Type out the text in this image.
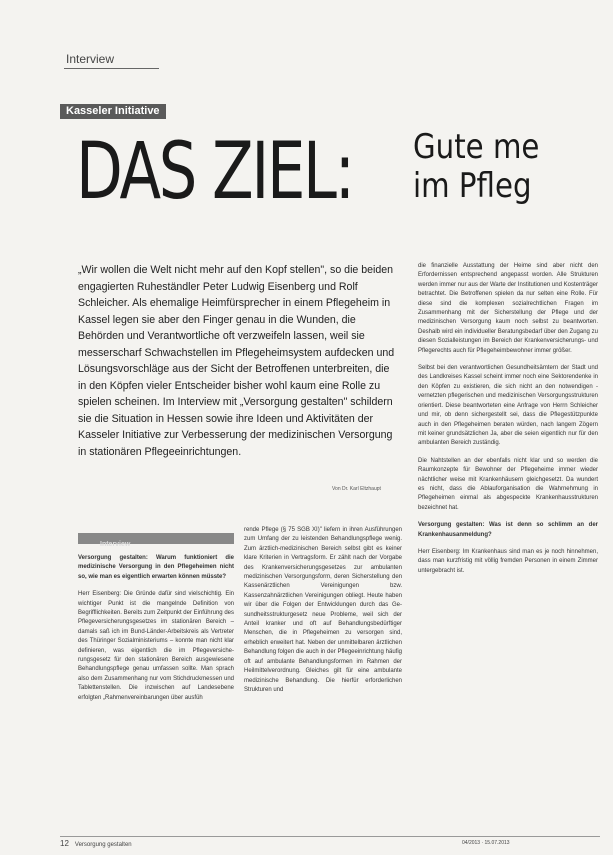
Interview
Kasseler Initiative
DAS ZIEL: Gute me
im Pfleg
„Wir wollen die Welt nicht mehr auf den Kopf stellen", so die beiden engagierten Ruheständler Peter Ludwig Eisenberg und Rolf Schleicher. Als ehemalige Heimfürsprecher in einem Pflegeheim in Kassel legen sie aber den Finger genau in die Wunden, die Behörden und Verantwortliche oft verzweifeln lassen, weil sie messerscharf Schwachstellen im Pflegeheimsystem aufdecken und Lösungsvorschläge aus der Sicht der Betroffenen unterbreiten, die in den Köpfen vieler Entscheider bisher wohl kaum eine Rolle zu spielen scheinen. Im Interview mit „Versorgung gestalten" schildern sie die Situation in Hessen sowie ihre Ideen und Aktivitäten der Kasseler Initiative zur Verbesserung der medizinischen Versorgung in stationären Pflegeeinrichtungen.
Von Dr. Karl Eltzhaupt
Interview

Versorgung gestalten: Warum funktioniert die medizinische Versorgung in den Pflegeheimen nicht so, wie man es eigentlich erwarten können müsste?

Herr Eisenberg: Die Gründe dafür sind vielschichtig. Ein wichtiger Punkt ist die mangelnde Definition von Begrifflichkeiten. Bereits zum Zeitpunkt der Einführung des Pflegeversicherungsgesetzes im stationären Bereich – damals saß ich im Bund-Länder-Arbeitskreis als Vertreter des Thüringer Sozialministeriums – konnte man nicht klar definieren, was eigentlich die im Pflegeversicherungsgesetz für den stationären Bereich ausgewiesene Behandlungspflege genau umfassen sollte. Man sprach also dem Zusammenhang nur vom Stichdruckmessen und Tablettenstellen. Die inzwischen auf Landesebene erfolgten „Rahmenvereinbarungen über ausfüh

rende Pflege (§ 75 SGB XI)" liefern in ihren Ausführungen zum Umfang der zu leistenden Behandlungspflege wenig. Zum ärztlich-medizinischen Bereich selbst gibt es keiner klare Kriterien in Vertragsform. Er zählt nach der Vorgabe des Krankenversicherungsgesetzes zur ambulanten medizinischen Versorgungsform, deren Sicherstellung den Kassenärztlichen Vereinigungen bzw. Kassenzahnärztlichen Vereinigungen obliegt. Heute haben wir über die Folgen der Entwicklungen durch das Gesundheitsstrukturgesetz neue Probleme, weil sich der Anteil kranker und oft auf Behandlungsbedürftiger Menschen, die in Pflegeheimen zu versorgen sind, erheblich erweitert hat. Neben der unmittelbaren ärztlichen Behandlung folgen die auch in der Pflegeeinrichtung häufig oft auf ambulante Behandlungsformen im Rahmen der Heilmittelverordnung. Gleiches gilt für eine ambulante medizinische Behandlung. Die hierfür erforderlichen Strukturen und

die finanzielle Ausstattung der Heime sind aber nicht den Erfordernissen entsprechend angepasst worden. Alle Strukturen werden immer nur aus der Warte der Institutionen und Kostenträger betrachtet. Die Betroffenen spielen da nur selten eine Rolle. Für diese sind die komplexen sozialrechtlichen Fragen im Zusammenhang mit der Sicherstellung der Pflege und der medizinischen Versorgung kaum noch selbst zu beantworten. Deshalb wird ein individueller Beratungsbedarf über den Zugang zu diesen Sozialleistungen im Bereich der Krankenversicherungs- und Pflegerechts auch für Pflegeheimbewohner immer größer.

Selbst bei den verantwortlichen Gesundheitsämtern der Stadt und des Landkreises Kassel scheint immer noch eine Sektorendenke in den Köpfen zu existieren, die sich nicht an den notwendigen vernetzten pflegerischen und medizinischen Versorgungsstrukturen orientiert. Diese beantworteten eine Anfrage von Herrn Schleicher und mir, ob denn sichergestellt sei, dass die Pflegestützpunkte auch in den Pflegeheimen beraten würden, nach langem Zögern mit keiner grundsätzlichen Ja, aber die seien eigentlich nur für den ambulanten Bereich zuständig.

Die Nahtstellen an der ebenfalls nicht klar und so werden die Raumkonzepte für Bewohner der Pflegeheime immer wieder nächtlicher weise mit Krankenhäusern gleichgesetzt. Da wundert es nicht, dass die Ablauforganisation die Wahrnehmung in Pflegeheimen einmal als abgespeckte Krankenhausstrukturen bezeichnet hat.

Versorgung gestalten: Was ist denn so schlimm an der Krankenhausanmeldung?

Herr Eisenberg: Im Krankenhaus sind man es je noch hinnehmen, dass man kurzfristig mit völlig fremden Personen in einem Zimmer untergebracht ist.

12 Versorgung gestalten	04/2013 · 15.07.2013
